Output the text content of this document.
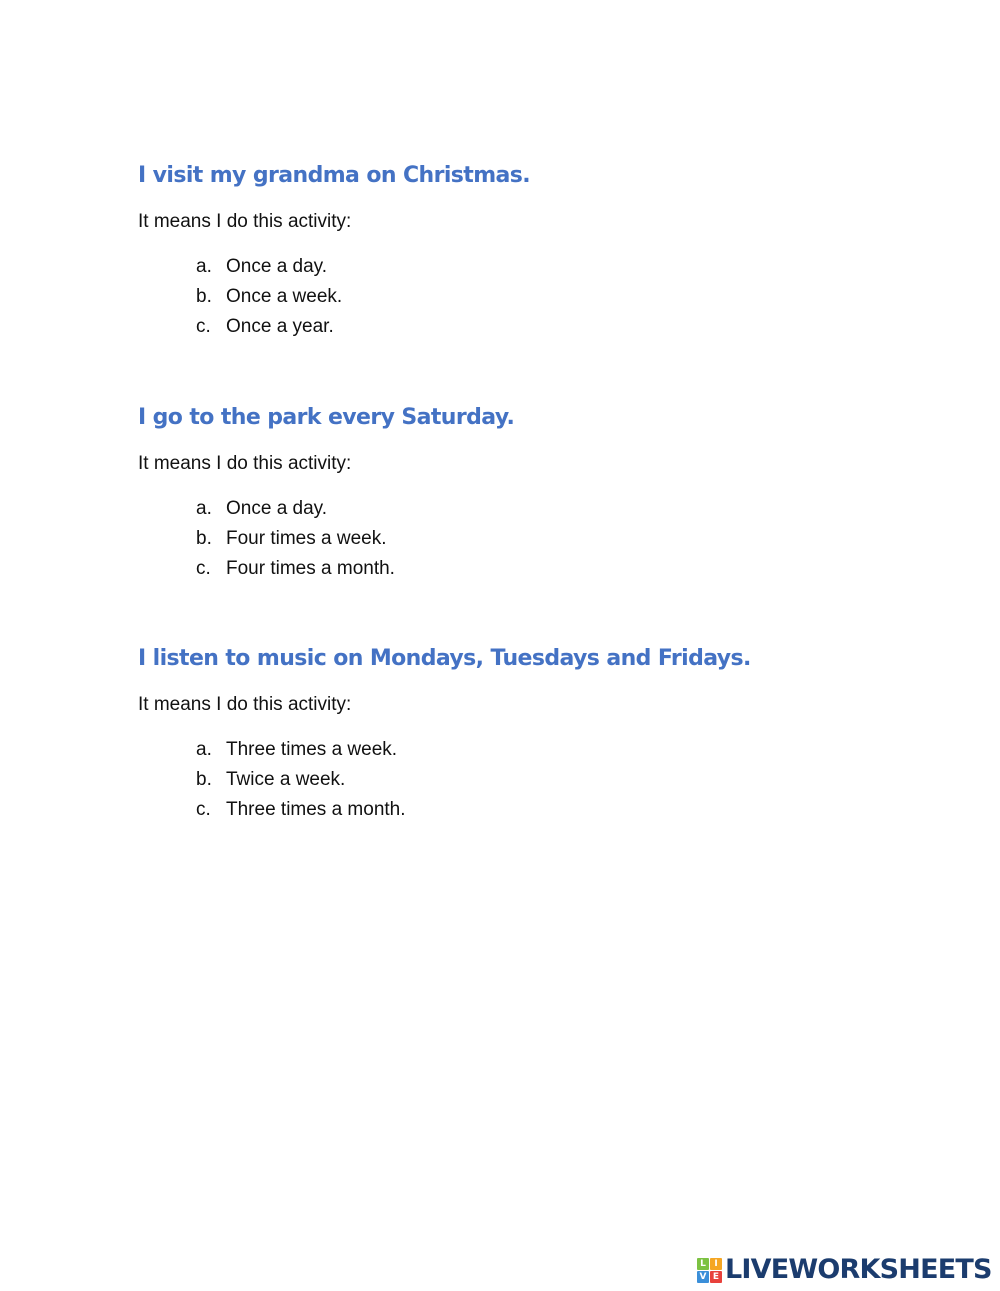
I visit my grandma on Christmas.
It means I do this activity:
a. Once a day.
b. Once a week.
c. Once a year.
I go to the park every Saturday.
It means I do this activity:
a. Once a day.
b. Four times a week.
c. Four times a month.
I listen to music on Mondays, Tuesdays and Fridays.
It means I do this activity:
a. Three times a week.
b. Twice a week.
c. Three times a month.
L I
V E LIVEWORKSHEETS
